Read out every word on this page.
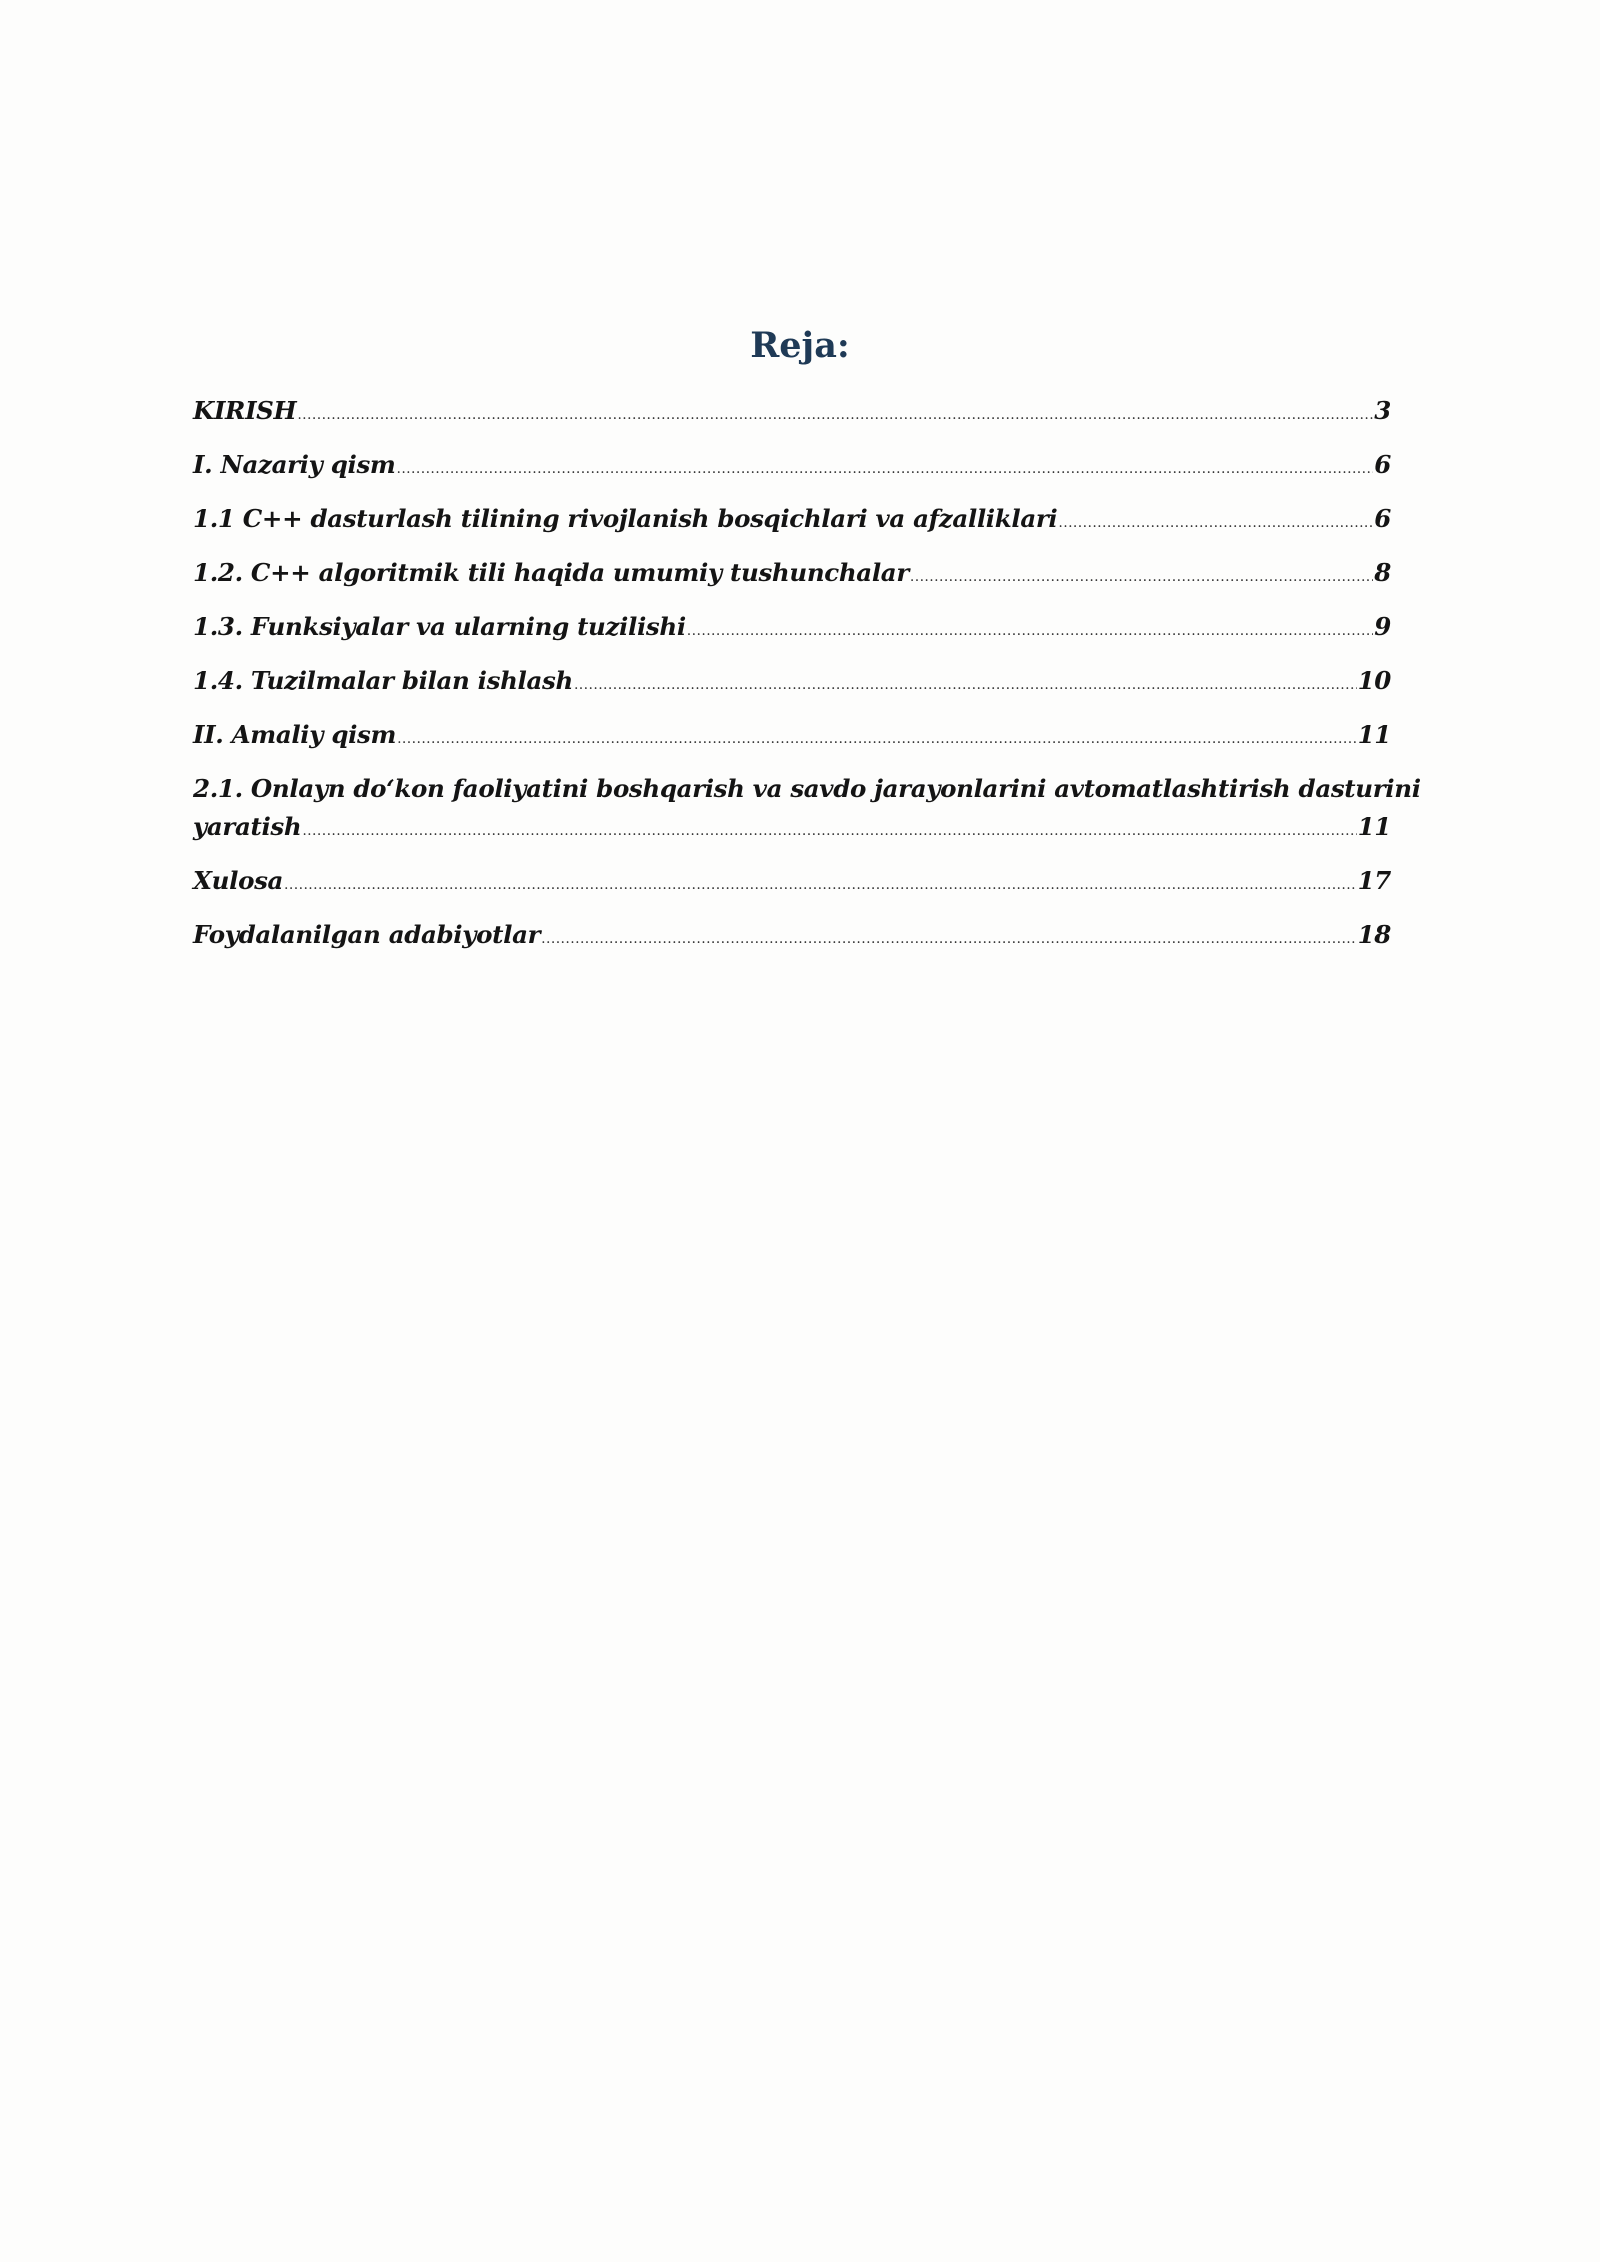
Reja:
KIRISH .....	3
I. Nazariy qism .....	6
1.1 C++ dasturlash tilining rivojlanish bosqichlari va afzalliklari .....	6
1.2. C++ algoritmik tili haqida umumiy tushunchalar .....	8
1.3. Funksiyalar va ularning tuzilishi .....	9
1.4. Tuzilmalar bilan ishlash .....	10
II. Amaliy qism .....	11
2.1. Onlayn do‘kon faoliyatini boshqarish va savdo jarayonlarini avtomatlashtirish dasturini
yaratish .....	11
Xulosa .....	17
Foydalanilgan adabiyotlar .....	18
